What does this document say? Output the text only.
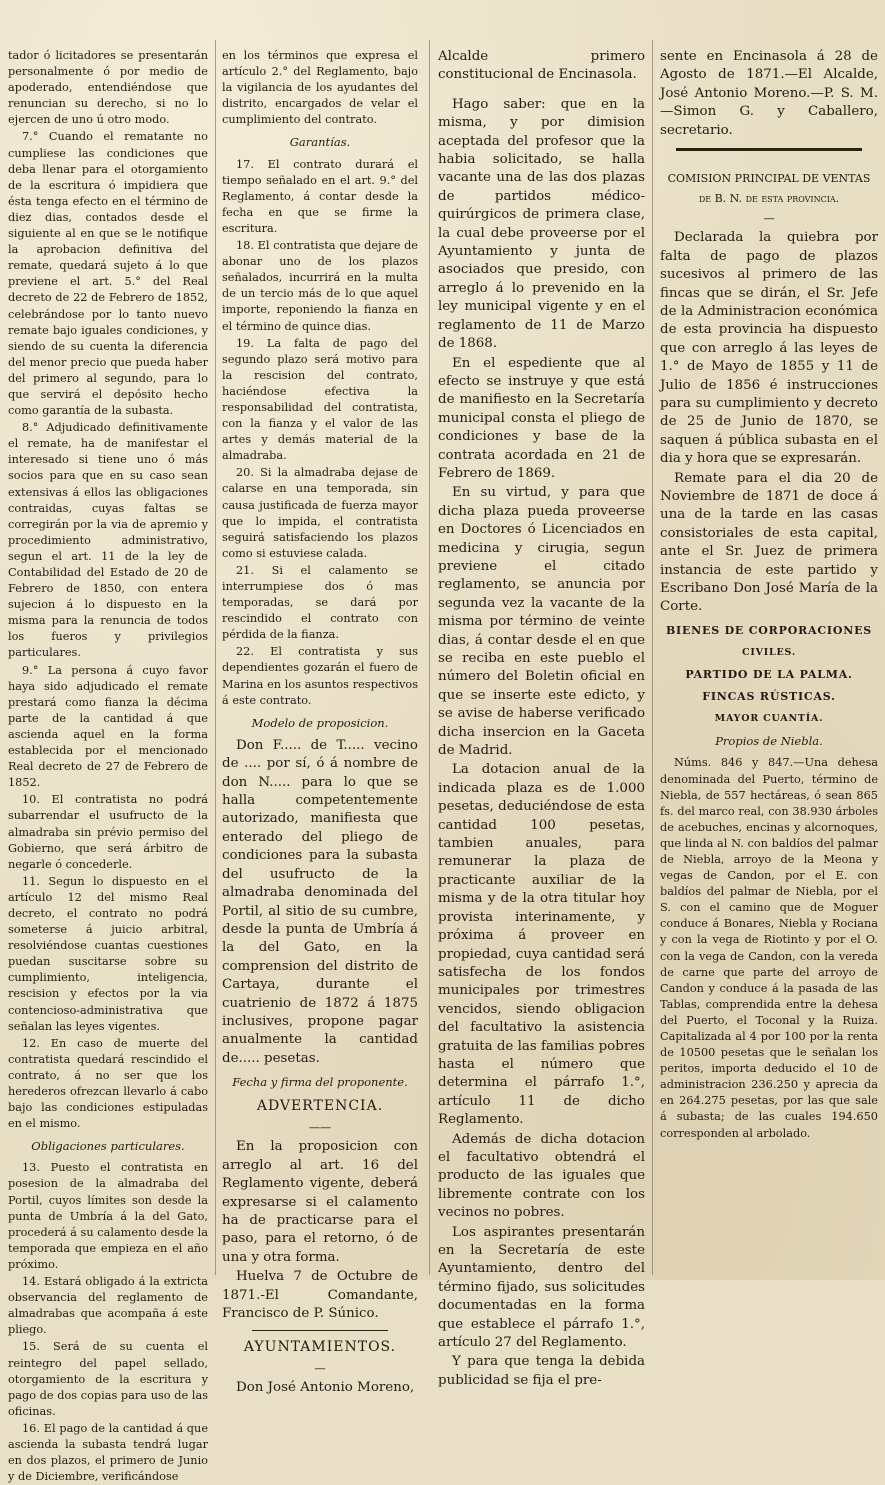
tador ó licitadores se presentarán personalmente ó por medio de apoderado, entendiéndose que renuncian su derecho, si no lo ejercen de uno ú otro modo.

7.° Cuando el rematante no cumpliese las condiciones que deba llenar para el otorgamiento de la escritura ó impidiera que ésta tenga efecto en el término de diez dias, contados desde el siguiente al en que se le notifique la aprobacion definitiva del remate, quedará sujeto á lo que previene el art. 5.° del Real decreto de 22 de Febrero de 1852, celebrándose por lo tanto nuevo remate bajo iguales condiciones, y siendo de su cuenta la diferencia del menor precio que pueda haber del primero al segundo, para lo que servirá el depósito hecho como garantía de la subasta.

8.° Adjudicado definitivamente el remate, ha de manifestar el interesado si tiene uno ó más socios para que en su caso sean extensivas á ellos las obligaciones contraidas, cuyas faltas se corregirán por la via de apremio y procedimiento administrativo, segun el art. 11 de la ley de Contabilidad del Estado de 20 de Febrero de 1850, con entera sujecion á lo dispuesto en la misma para la renuncia de todos los fueros y privilegios particulares.

9.° La persona á cuyo favor haya sido adjudicado el remate prestará como fianza la décima parte de la cantidad á que ascienda aquel en la forma establecida por el mencionado Real decreto de 27 de Febrero de 1852.

10. El contratista no podrá subarrendar el usufructo de la almadraba sin prévio permiso del Gobierno, que será árbitro de negarle ó concederle.

11. Segun lo dispuesto en el artículo 12 del mismo Real decreto, el contrato no podrá someterse á juicio arbitral, resolviéndose cuantas cuestiones puedan suscitarse sobre su cumplimiento, inteligencia, rescision y efectos por la via contencioso-administrativa que señalan las leyes vigentes.

12. En caso de muerte del contratista quedará rescindido el contrato, á no ser que los herederos ofrezcan llevarlo á cabo bajo las condiciones estipuladas en el mismo.

Obligaciones particulares.

13. Puesto el contratista en posesion de la almadraba del Portil, cuyos límites son desde la punta de Umbría á la del Gato, procederá á su calamento desde la temporada que empieza en el año próximo.

14. Estará obligado á la extricta observancia del reglamento de almadrabas que acompaña á este pliego.

15. Será de su cuenta el reintegro del papel sellado, otorgamiento de la escritura y pago de dos copias para uso de las oficinas.

16. El pago de la cantidad á que ascienda la subasta tendrá lugar en dos plazos, el primero de Junio y de Diciembre, verificándose

en los términos que expresa el artículo 2.° del Reglamento, bajo la vigilancia de los ayudantes del distrito, encargados de velar el cumplimiento del contrato.

Garantías.

17. El contrato durará el tiempo señalado en el art. 9.° del Reglamento, á contar desde la fecha en que se firme la escritura.

18. El contratista que dejare de abonar uno de los plazos señalados, incurrirá en la multa de un tercio más de lo que aquel importe, reponiendo la fianza en el término de quince dias.

19. La falta de pago del segundo plazo será motivo para la rescision del contrato, haciéndose efectiva la responsabilidad del contratista, con la fianza y el valor de las artes y demás material de la almadraba.

20. Si la almadraba dejase de calarse en una temporada, sin causa justificada de fuerza mayor que lo impida, el contratista seguirá satisfaciendo los plazos como si estuviese calada.

21. Si el calamento se interrumpiese dos ó mas temporadas, se dará por rescindido el contrato con pérdida de la fianza.

22. El contratista y sus dependientes gozarán el fuero de Marina en los asuntos respectivos á este contrato.

Modelo de proposicion.

Don F..... de T..... vecino de .... por sí, ó á nombre de don N..... para lo que se halla competentemente autorizado, manifiesta que enterado del pliego de condiciones para la subasta del usufructo de la almadraba denominada del Portil, al sitio de su cumbre, desde la punta de Umbría á la del Gato, en la comprension del distrito de Cartaya, durante el cuatrienio de 1872 á 1875 inclusives, propone pagar anualmente la cantidad de..... pesetas.

Fecha y firma del proponente.
ADVERTENCIA.
——

En la proposicion con arreglo al art. 16 del Reglamento vigente, deberá expresarse si el calamento ha de practicarse para el paso, para el retorno, ó de una y otra forma.

Huelva 7 de Octubre de 1871.-El Comandante, Francisco de P. Súnico.

AYUNTAMIENTOS.
—

Don José Antonio Moreno,

Alcalde primero constitucional de Encinasola.

Hago saber: que en la misma, y por dimision aceptada del profesor que la habia solicitado, se halla vacante una de las dos plazas de partidos médico-quirúrgicos de primera clase, la cual debe proveerse por el Ayuntamiento y junta de asociados que presido, con arreglo á lo prevenido en la ley municipal vigente y en el reglamento de 11 de Marzo de 1868.

En el espediente que al efecto se instruye y que está de manifiesto en la Secretaría municipal consta el pliego de condiciones y base de la contrata acordada en 21 de Febrero de 1869.

En su virtud, y para que dicha plaza pueda proveerse en Doctores ó Licenciados en medicina y cirugia, segun previene el citado reglamento, se anuncia por segunda vez la vacante de la misma por término de veinte dias, á contar desde el en que se reciba en este pueblo el número del Boletin oficial en que se inserte este edicto, y se avise de haberse verificado dicha insercion en la Gaceta de Madrid.

La dotacion anual de la indicada plaza es de 1.000 pesetas, deduciéndose de esta cantidad 100 pesetas, tambien anuales, para remunerar la plaza de practicante auxiliar de la misma y de la otra titular hoy provista interinamente, y próxima á proveer en propiedad, cuya cantidad será satisfecha de los fondos municipales por trimestres vencidos, siendo obligacion del facultativo la asistencia gratuita de las familias pobres hasta el número que determina el párrafo 1.°, artículo 11 de dicho Reglamento.

Además de dicha dotacion el facultativo obtendrá el producto de las iguales que libremente contrate con los vecinos no pobres.

Los aspirantes presentarán en la Secretaría de este Ayuntamiento, dentro del término fijado, sus solicitudes documentadas en la forma que establece el párrafo 1.°, artículo 27 del Reglamento.

Y para que tenga la debida publicidad se fija el pre-

sente en Encinasola á 28 de Agosto de 1871.—El Alcalde, José Antonio Moreno.—P. S. M.—Simon G. y Caballero, secretario.

COMISION PRINCIPAL DE VENTAS
de B. N. de esta provincia.
—

Declarada la quiebra por falta de pago de plazos sucesivos al primero de las fincas que se dirán, el Sr. Jefe de la Administracion económica de esta provincia ha dispuesto que con arreglo á las leyes de 1.° de Mayo de 1855 y 11 de Julio de 1856 é instrucciones para su cumplimiento y decreto de 25 de Junio de 1870, se saquen á pública subasta en el dia y hora que se expresarán.

Remate para el dia 20 de Noviembre de 1871 de doce á una de la tarde en las casas consistoriales de esta capital, ante el Sr. Juez de primera instancia de este partido y Escribano Don José María de la Corte.

BIENES DE CORPORACIONES
CIVILES.
PARTIDO DE LA PALMA.
FINCAS RÚSTICAS.
MAYOR CUANTÍA.
Propios de Niebla.

Núms. 846 y 847.—Una dehesa denominada del Puerto, término de Niebla, de 557 hectáreas, ó sean 865 fs. del marco real, con 38.930 árboles de acebuches, encinas y alcornoques, que linda al N. con baldíos del palmar de Niebla, arroyo de la Meona y vegas de Candon, por el E. con baldíos del palmar de Niebla, por el S. con el camino que de Moguer conduce á Bonares, Niebla y Rociana y con la vega de Riotinto y por el O. con la vega de Candon, con la vereda de carne que parte del arroyo de Candon y conduce á la pasada de las Tablas, comprendida entre la dehesa del Puerto, el Toconal y la Ruiza. Capitalizada al 4 por 100 por la renta de 10500 pesetas que le señalan los peritos, importa deducido el 10 de administracion 236.250 y aprecia da en 264.275 pesetas, por las que sale á subasta; de las cuales 194.650 corresponden al arbolado.
